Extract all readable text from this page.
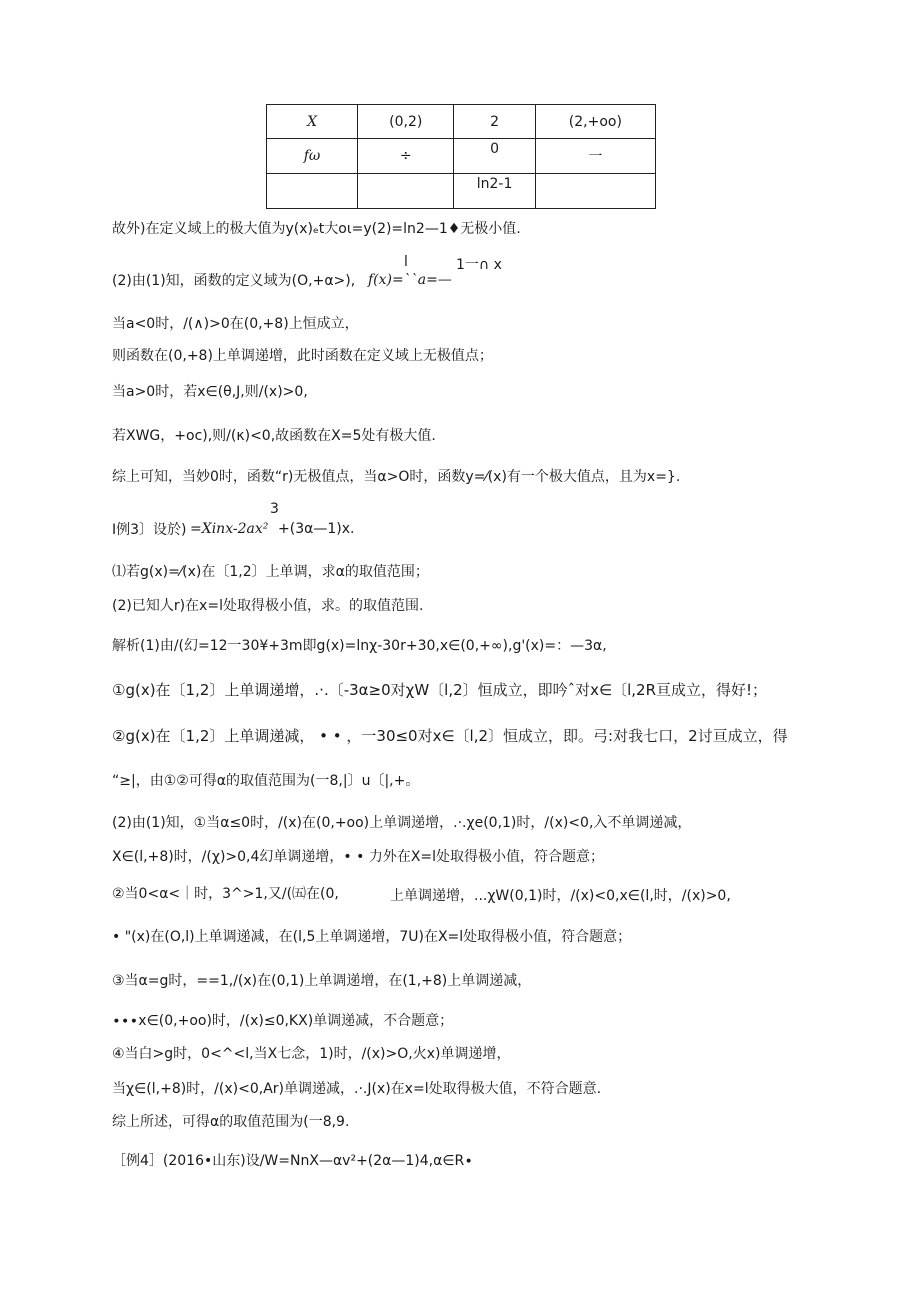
X	(0,2)	2	(2,+oo)
fω	÷	0	一
		ln2-1	
故外)在定义域上的极大值为y(x)ₑt大oι=y(2)=ln2—1♦无极小值.
l	1一∩ x
(2)由(1)知，函数的定义域为(O,+α>), f(x)=ˋˋa=—
当a<0时，/(∧)>0在(0,+8)上恒成立，
则函数在(0,+8)上单调递增，此时函数在定义域上无极值点；
当a>0时，若x∈(θ,J,则/(x)>0,
若XWG，+oc),则/(κ)<0,故函数在X=5处有极大值.
综上可知，当妙0时，函数“r)无极值点，当α>O时，函数y=⁄(x)有一个极大值点，且为x=}.
3
I例3〕设於) =Xinx-2ax² +(3α—1)x.
⑴若g(x)=⁄(x)在〔1,2〕上单调，求α的取值范围；
(2)已知人r)在x=l处取得极小值，求。的取值范围.
解析(1)由/(幻=12一30¥+3m即g(x)=lnχ-30r+30,x∈(0,+∞),g'(x)=：—3α,
①g(x)在〔1,2〕上单调递增，.·.〔-3α≥0对χW〔l,2〕恒成立，即吟ˆ对x∈〔l,2R亘成立，得好!；
②g(x)在〔1,2〕上单调递减， • • ，一30≤0对x∈〔l,2〕恒成立，即。弓:对我七口，2讨亘成立，得
“≥|，由①②可得α的取值范围为(一8,|〕u〔|,+。
(2)由(1)知，①当α≤0时，/(x)在(0,+oo)上单调递增，.·.χe(0,1)时，/(x)<0,入不单调递减，
X∈(l,+8)时，/(χ)>0,4幻单调递增，• • 力外在X=l处取得极小值，符合题意；
②当0<α<｜时，3^>1,又/(㈤在(0,	上单调递增，...χW(0,1)时，/(x)<0,x∈(l,时，/(x)>0,
• "(x)在(O,l)上单调递减，在(l,5上单调递增，7U)在X=l处取得极小值，符合题意；
③当α=g时，==1,/(x)在(0,1)上单调递增，在(1,+8)上单调递减，
∙∙∙x∈(0,+oo)时，/(x)≤0,KX)单调递减，不合题意；
④当白>g时，0<^<l,当X七念，1)时，/(x)>O,火x)单调递增，
当χ∈(l,+8)时，/(x)<0,Ar)单调递减，.·.J(x)在x=l处取得极大值，不符合题意.
综上所述，可得α的取值范围为(一8,9.
［例4］(2016•山东)设/W=NnX—αv²+(2α—1)4,α∈R∙
